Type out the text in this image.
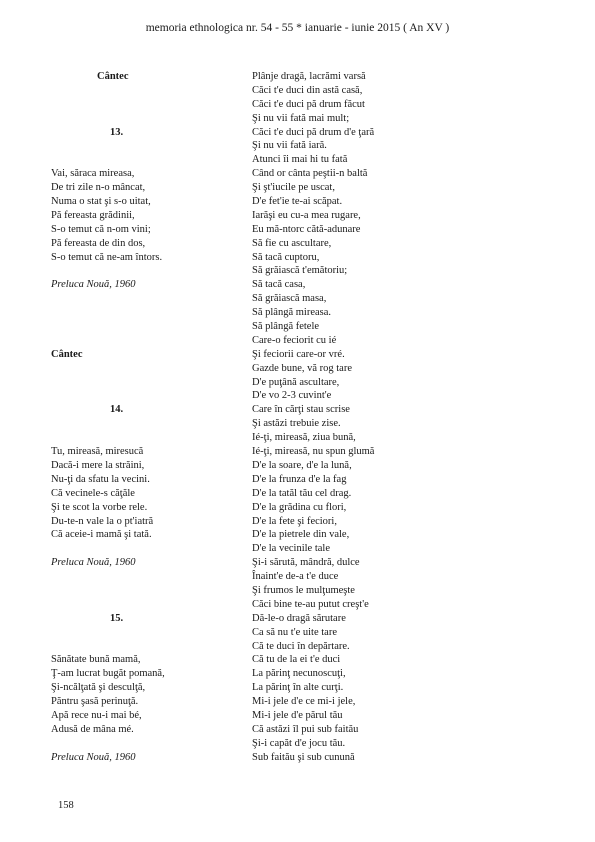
memoria ethnologica nr. 54 - 55 * ianuarie - iunie 2015 ( An XV )
Cântec
13.
Vai, săraca mireasa,
De tri zile n-o mâncat,
Numa o stat şi s-o uitat,
Pă fereasta grădinii,
S-o temut că n-om vini;
Pă fereasta de din dos,
S-o temut că ne-am întors.
Preluca Nouă, 1960
Cântec
14.
Tu, mireasă, miresucă
Dacă-i mere la străini,
Nu-ţi da sfatu la vecini.
Că vecinele-s căţăle
Şi te scot la vorbe rele.
Du-te-n vale la o pt'iatră
Că aceie-i mamă şi tată.
Preluca Nouă, 1960
15.
Sănătate bună mamă,
Ţ-am lucrat bugăt pomană,
Şi-ncălţată şi desculţă,
Păntru şasă perinuţă.
Apă rece nu-i mai bé,
Adusă de mâna mé.
Preluca Nouă, 1960
Plânje dragă, lacrămi varsă
Căci t'e duci din astă casă,
Căci t'e duci pă drum făcut
Şi nu vii fată mai mult;
Căci t'e duci pă drum d'e ţară
Şi nu vii fată iară.
Atunci îi mai hi tu fată
Când or cânta peştii-n baltă
Şi şt'iucile pe uscat,
D'e fet'ie te-ai scăpat.
Iarăşi eu cu-a mea rugare,
Eu mă-ntorc cătă-adunare
Să fie cu ascultare,
Să tacă cuptoru,
Să grăiască t'emătoriu;
Să tacă casa,
Să grăiască masa,
Să plângă mireasa.
Să plângă fetele
Care-o feciorit cu ié
Şi feciorii care-or vré.
Gazde bune, vă rog tare
D'e puţână ascultare,
D'e vo 2-3 cuvint'e
Care în cărţi stau scrise
Şi astăzi trebuie zise.
Ié-ţi, mireasă, ziua bună,
Ié-ţi, mireasă, nu spun glumă
D'e la soare, d'e la lună,
D'e la frunza d'e la fag
D'e la tatăl tău cel drag.
D'e la grădina cu flori,
D'e la fete şi feciori,
D'e la pietrele din vale,
D'e la vecinile tale
Şi-i sărută, mândră, dulce
Înaint'e de-a t'e duce
Şi frumos le mulţumeşte
Căci bine te-au putut creşt'e
Dă-le-o dragă sărutare
Ca să nu t'e uite tare
Că te duci în depărtare.
Că tu de la ei t'e duci
La părinţ necunoscuţi,
La părinţ în alte curţi.
Mi-i jele d'e ce mi-i jele,
Mi-i jele d'e părul tău
Că astăzi îl pui sub faitău
Şi-i capăt d'e jocu tău.
Sub faitău şi sub cunună
158
